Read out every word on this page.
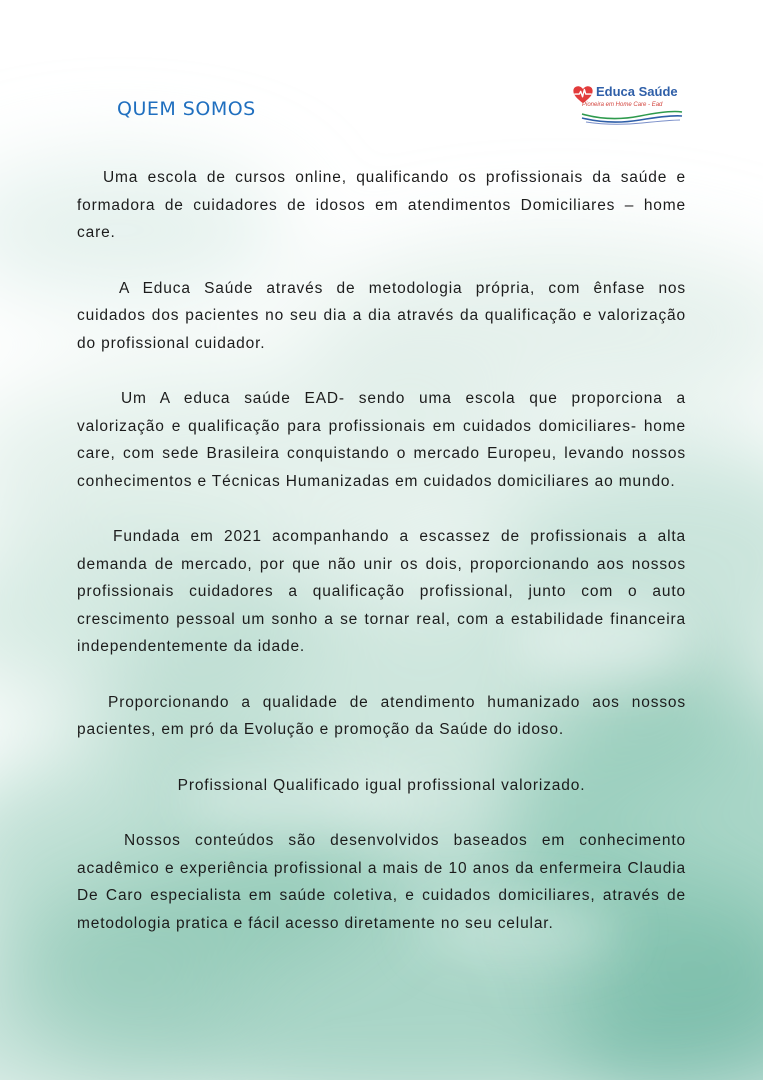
QUEM SOMOS
Educa Saúde
Pioneira em Home Care - Ead

Uma escola de cursos online, qualificando os profissionais da saúde e formadora de cuidadores de idosos em atendimentos Domiciliares – home care.

A Educa Saúde através de metodologia própria, com ênfase nos cuidados dos pacientes no seu dia a dia através da qualificação e valorização do profissional cuidador.

Um A educa saúde EAD- sendo uma escola que proporciona a valorização e qualificação para profissionais em cuidados domiciliares- home care, com sede Brasileira conquistando o mercado Europeu, levando nossos conhecimentos e Técnicas Humanizadas em cuidados domiciliares ao mundo.

Fundada em 2021 acompanhando a escassez de profissionais a alta demanda de mercado, por que não unir os dois, proporcionando aos nossos profissionais cuidadores a qualificação profissional, junto com o auto crescimento pessoal um sonho a se tornar real, com a estabilidade financeira independentemente da idade.

Proporcionando a qualidade de atendimento humanizado aos nossos pacientes, em pró da Evolução e promoção da Saúde do idoso.

Profissional Qualificado igual profissional valorizado.

Nossos conteúdos são desenvolvidos baseados em conhecimento acadêmico e experiência profissional a mais de 10 anos da enfermeira Claudia De Caro especialista em saúde coletiva, e cuidados domiciliares, através de metodologia pratica e fácil acesso diretamente no seu celular.
